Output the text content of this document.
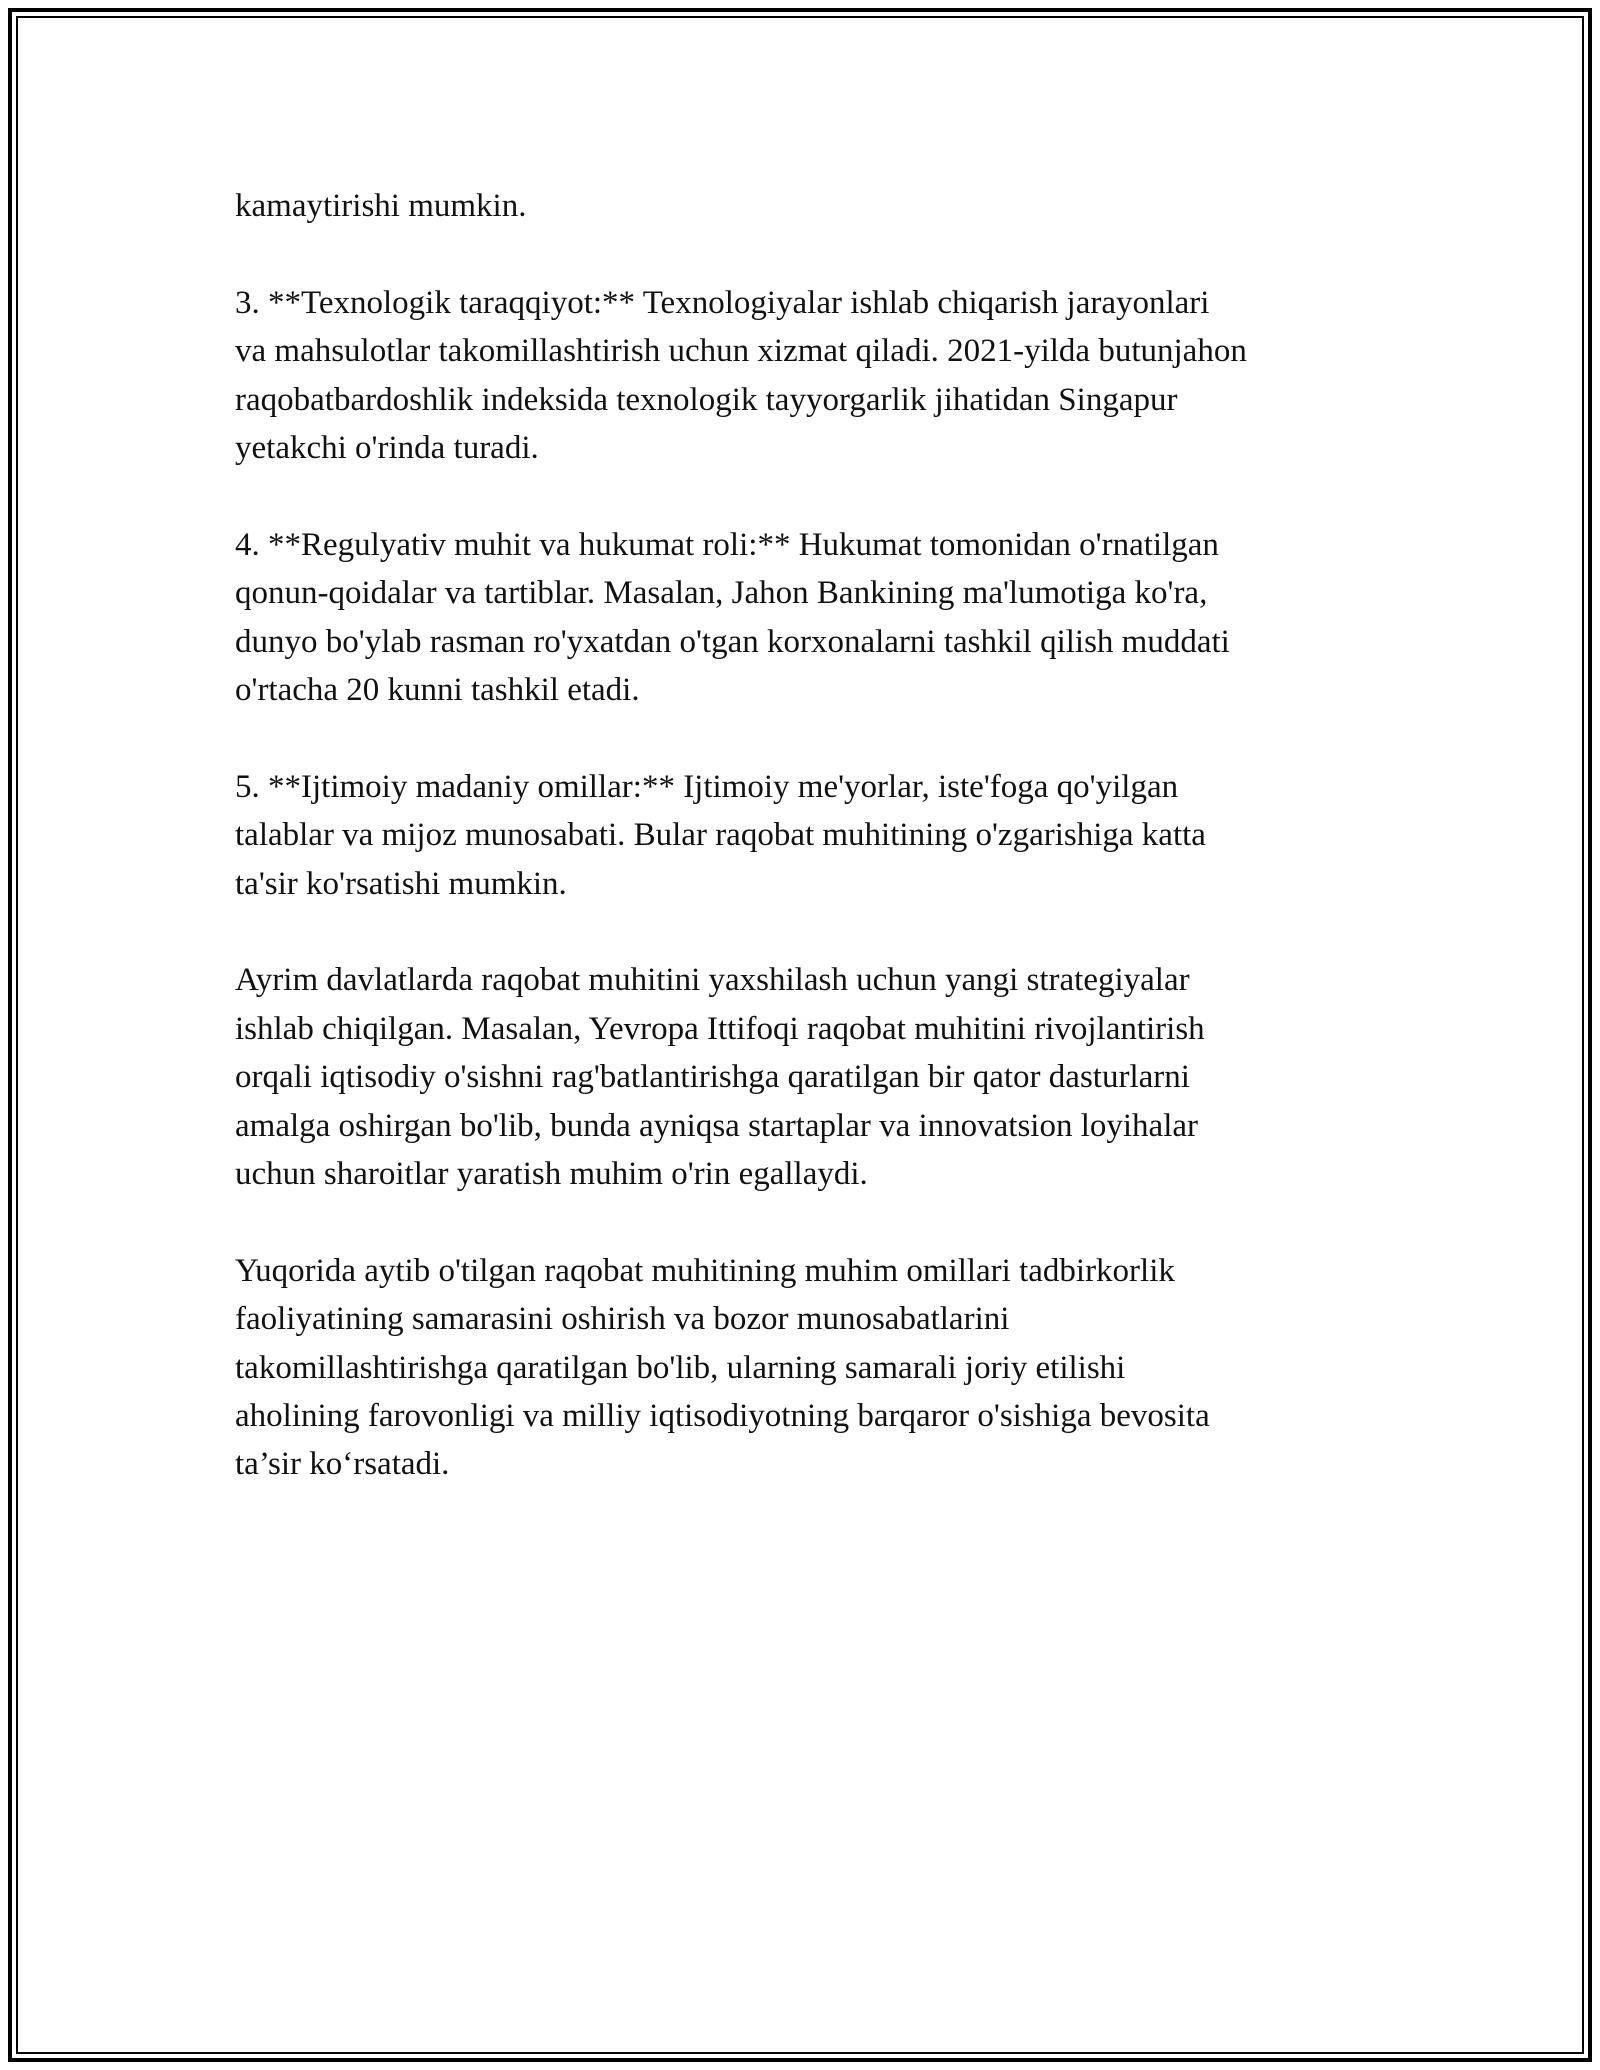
kamaytirishi mumkin.

3. **Texnologik taraqqiyot:** Texnologiyalar ishlab chiqarish jarayonlari
va mahsulotlar takomillashtirish uchun xizmat qiladi. 2021-yilda butunjahon
raqobatbardoshlik indeksida texnologik tayyorgarlik jihatidan Singapur
yetakchi o'rinda turadi.

4. **Regulyativ muhit va hukumat roli:** Hukumat tomonidan o'rnatilgan
qonun-qoidalar va tartiblar. Masalan, Jahon Bankining ma'lumotiga ko'ra,
dunyo bo'ylab rasman ro'yxatdan o'tgan korxonalarni tashkil qilish muddati
o'rtacha 20 kunni tashkil etadi.

5. **Ijtimoiy madaniy omillar:** Ijtimoiy me'yorlar, iste'foga qo'yilgan
talablar va mijoz munosabati. Bular raqobat muhitining o'zgarishiga katta
ta'sir ko'rsatishi mumkin.

Ayrim davlatlarda raqobat muhitini yaxshilash uchun yangi strategiyalar
ishlab chiqilgan. Masalan, Yevropa Ittifoqi raqobat muhitini rivojlantirish
orqali iqtisodiy o'sishni rag'batlantirishga qaratilgan bir qator dasturlarni
amalga oshirgan bo'lib, bunda ayniqsa startaplar va innovatsion loyihalar
uchun sharoitlar yaratish muhim o'rin egallaydi.

Yuqorida aytib o'tilgan raqobat muhitining muhim omillari tadbirkorlik
faoliyatining samarasini oshirish va bozor munosabatlarini
takomillashtirishga qaratilgan bo'lib, ularning samarali joriy etilishi
aholining farovonligi va milliy iqtisodiyotning barqaror o'sishiga bevosita
ta’sir ko‘rsatadi.
